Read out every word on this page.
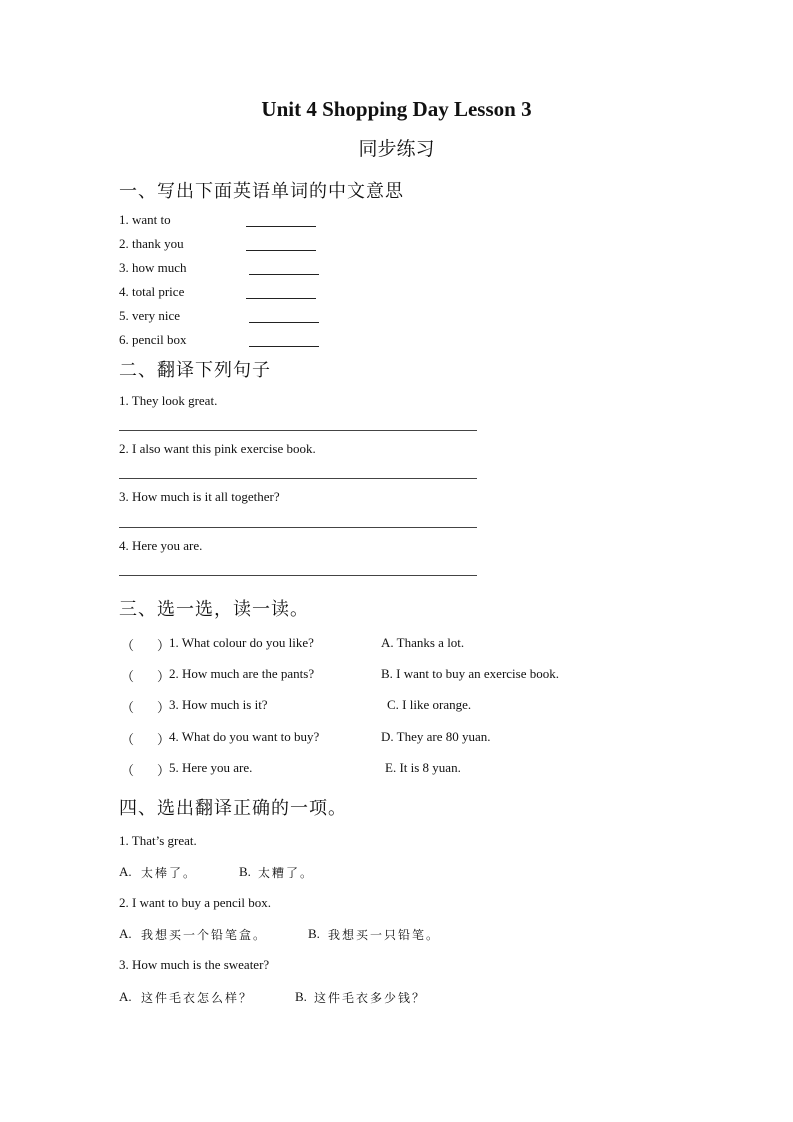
Unit 4 Shopping Day Lesson 3
同步练习
一、写出下面英语单词的中文意思
1. want to
2. thank you
3. how much
4. total price
5. very nice
6. pencil box
二、翻译下列句子
1. They look great.
2. I also want this pink exercise book.
3. How much is it all together?
4. Here you are.
三、选一选，读一读。
（ ）
1. What colour do you like?	A. Thanks a lot.
（ ）
2. How much are the pants?	B. I want to buy an exercise book.
（ ）
3. How much is it?	C. I like orange.
（ ）
4. What do you want to buy?	D. They are 80 yuan.
（ ）
5. Here you are.	E. It is 8 yuan.
四、选出翻译正确的一项。
1. That’s great.
A. 太棒了。	B. 太糟了。
2. I want to buy a pencil box.
A. 我想买一个铅笔盒。	B. 我想买一只铅笔。
3. How much is the sweater?
A. 这件毛衣怎么样？	B. 这件毛衣多少钱？
